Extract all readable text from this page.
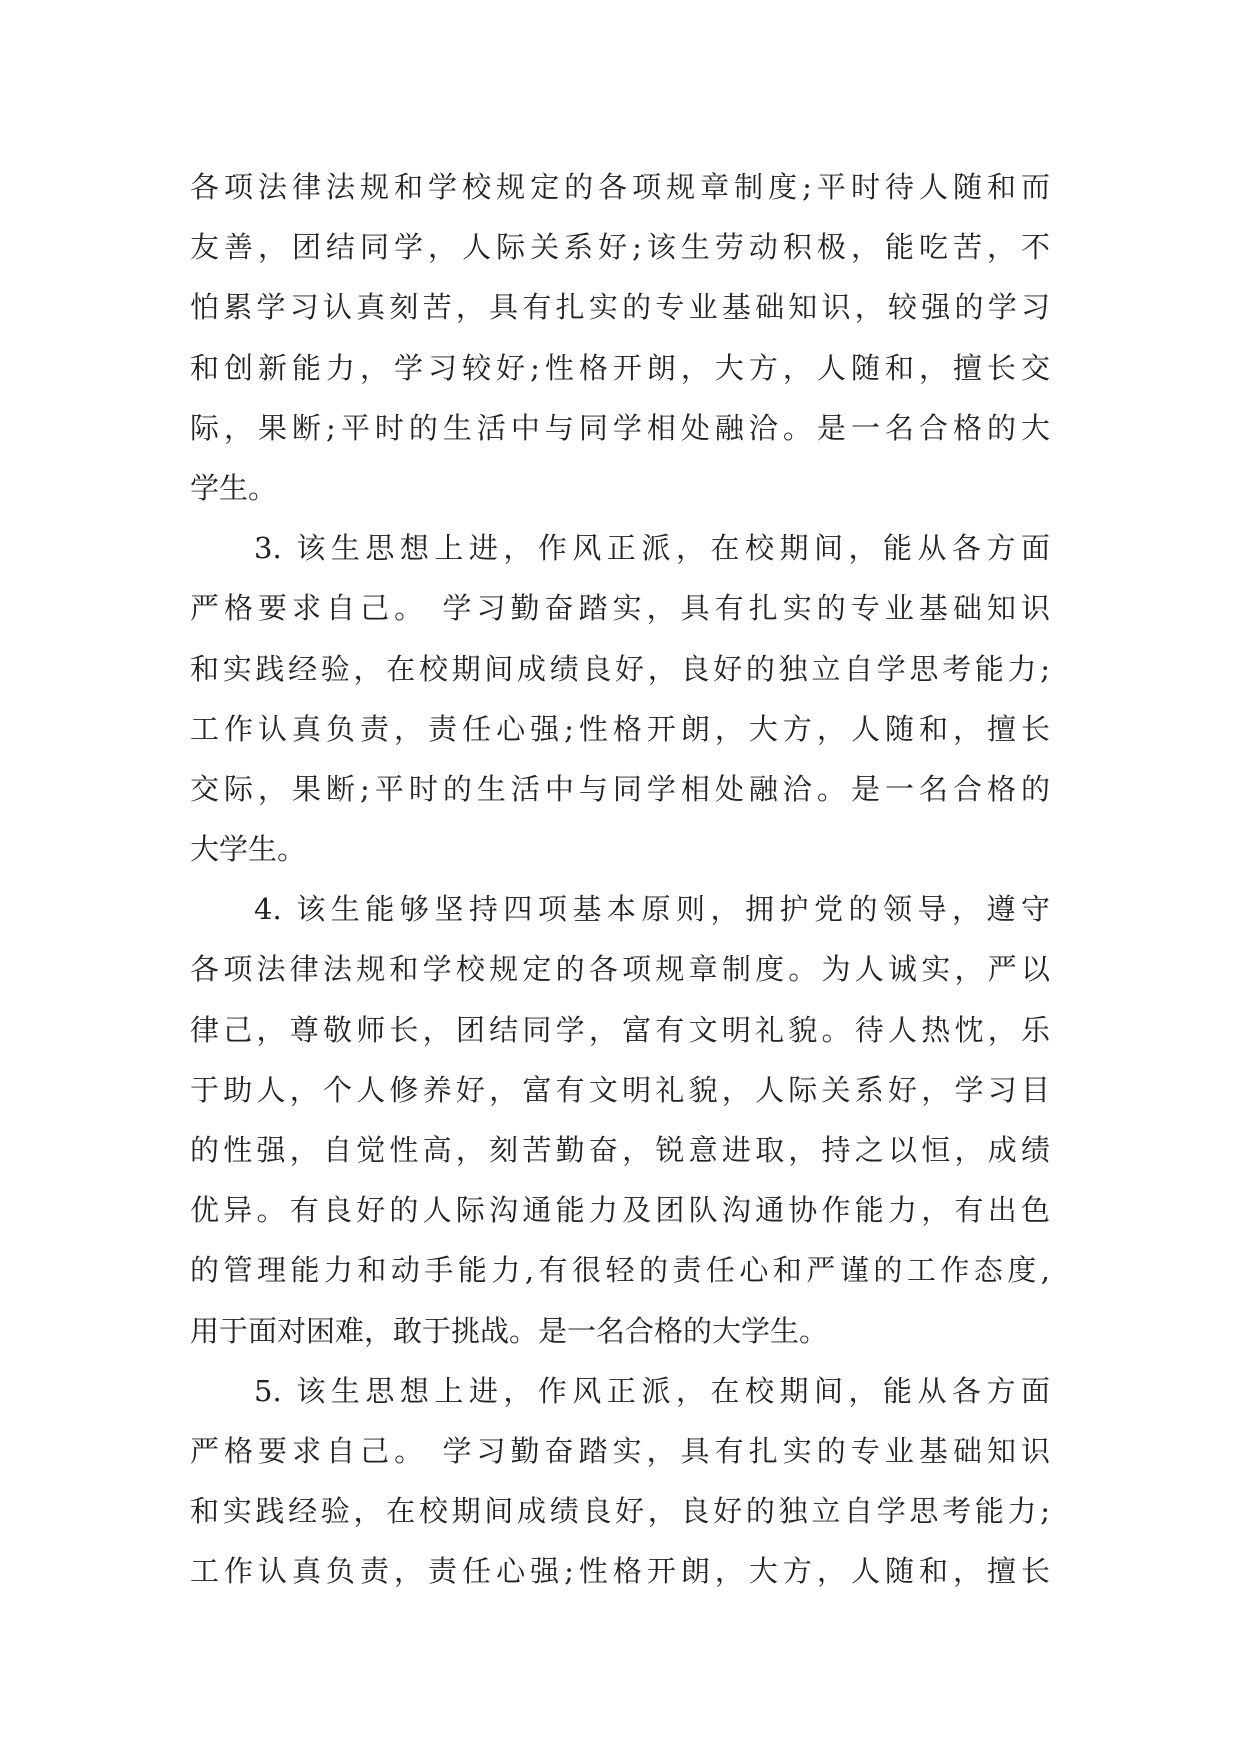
各项法律法规和学校规定的各项规章制度;平时待人随和而
友善，团结同学，人际关系好;该生劳动积极，能吃苦，不
怕累学习认真刻苦，具有扎实的专业基础知识，较强的学习
和创新能力，学习较好;性格开朗，大方，人随和，擅长交
际，果断;平时的生活中与同学相处融洽。是一名合格的大
学生。
3. 该生思想上进，作风正派，在校期间，能从各方面
严格要求自己。 学习勤奋踏实，具有扎实的专业基础知识
和实践经验，在校期间成绩良好，良好的独立自学思考能力;
工作认真负责，责任心强;性格开朗，大方，人随和，擅长
交际，果断;平时的生活中与同学相处融洽。是一名合格的
大学生。
4. 该生能够坚持四项基本原则，拥护党的领导，遵守
各项法律法规和学校规定的各项规章制度。为人诚实，严以
律己，尊敬师长，团结同学，富有文明礼貌。待人热忱，乐
于助人，个人修养好，富有文明礼貌，人际关系好，学习目
的性强，自觉性高，刻苦勤奋，锐意进取，持之以恒，成绩
优异。有良好的人际沟通能力及团队沟通协作能力，有出色
的管理能力和动手能力,有很轻的责任心和严谨的工作态度,
用于面对困难，敢于挑战。是一名合格的大学生。
5. 该生思想上进，作风正派，在校期间，能从各方面
严格要求自己。 学习勤奋踏实，具有扎实的专业基础知识
和实践经验，在校期间成绩良好，良好的独立自学思考能力;
工作认真负责，责任心强;性格开朗，大方，人随和，擅长
